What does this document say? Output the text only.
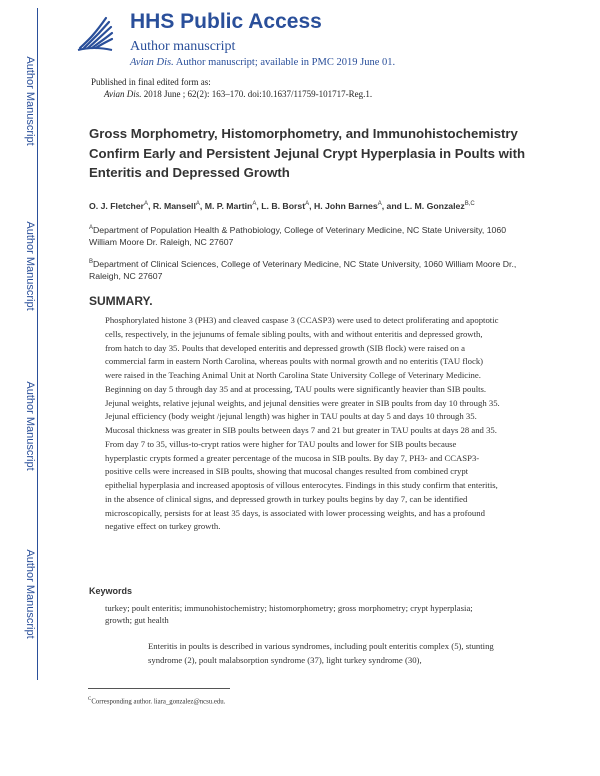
Author Manuscript
Author Manuscript
Author Manuscript
Author Manuscript
HHS Public Access
Author manuscript
Avian Dis. Author manuscript; available in PMC 2019 June 01.
Published in final edited form as:
Avian Dis. 2018 June ; 62(2): 163–170. doi:10.1637/11759-101717-Reg.1.
Gross Morphometry, Histomorphometry, and Immunohistochemistry Confirm Early and Persistent Jejunal Crypt Hyperplasia in Poults with Enteritis and Depressed Growth
O. J. Fletcher$^A$, R. Mansell$^A$, M. P. Martin$^A$, L. B. Borst$^A$, H. John Barnes$^A$, and L. M. Gonzalez$^{B,C}$
$^A$Department of Population Health & Pathobiology, College of Veterinary Medicine, NC State University, 1060 William Moore Dr. Raleigh, NC 27607
$^B$Department of Clinical Sciences, College of Veterinary Medicine, NC State University, 1060 William Moore Dr., Raleigh, NC 27607
SUMMARY.

Phosphorylated histone 3 (PH3) and cleaved caspase 3 (CCASP3) were used to detect proliferating and apoptotic cells, respectively, in the jejunums of female sibling poults, with and without enteritis and depressed growth, from hatch to day 35. Poults that developed enteritis and depressed growth (SIB flock) were raised on a commercial farm in eastern North Carolina, whereas poults with normal growth and no enteritis (TAU flock) were raised in the Teaching Animal Unit at North Carolina State University College of Veterinary Medicine. Beginning on day 5 through day 35 and at processing, TAU poults were significantly heavier than SIB poults. Jejunal weights, relative jejunal weights, and jejunal densities were greater in SIB poults from day 10 through 35. Jejunal efficiency (body weight /jejunal length) was higher in TAU poults at day 5 and days 10 through 35. Mucosal thickness was greater in SIB poults between days 7 and 21 but greater in TAU poults at days 28 and 35. From day 7 to 35, villus-to-crypt ratios were higher for TAU poults and lower for SIB poults because hyperplastic crypts formed a greater percentage of the mucosa in SIB poults. By day 7, PH3- and CCASP3-positive cells were increased in SIB poults, showing that mucosal changes resulted from combined crypt epithelial hyperplasia and increased apoptosis of villous enterocytes. Findings in this study confirm that enteritis, in the absence of clinical signs, and depressed growth in turkey poults begins by day 7, can be identified microscopically, persists for at least 35 days, is associated with lower processing weights, and has a profound negative effect on turkey growth.

Keywords

turkey; poult enteritis; immunohistochemistry; histomorphometry; gross morphometry; crypt hyperplasia; growth; gut health

Enteritis in poults is described in various syndromes, including poult enteritis complex (5), stunting syndrome (2), poult malabsorption syndrome (37), light turkey syndrome (30),

$^C$Corresponding author. liara_gonzalez@ncsu.edu.
